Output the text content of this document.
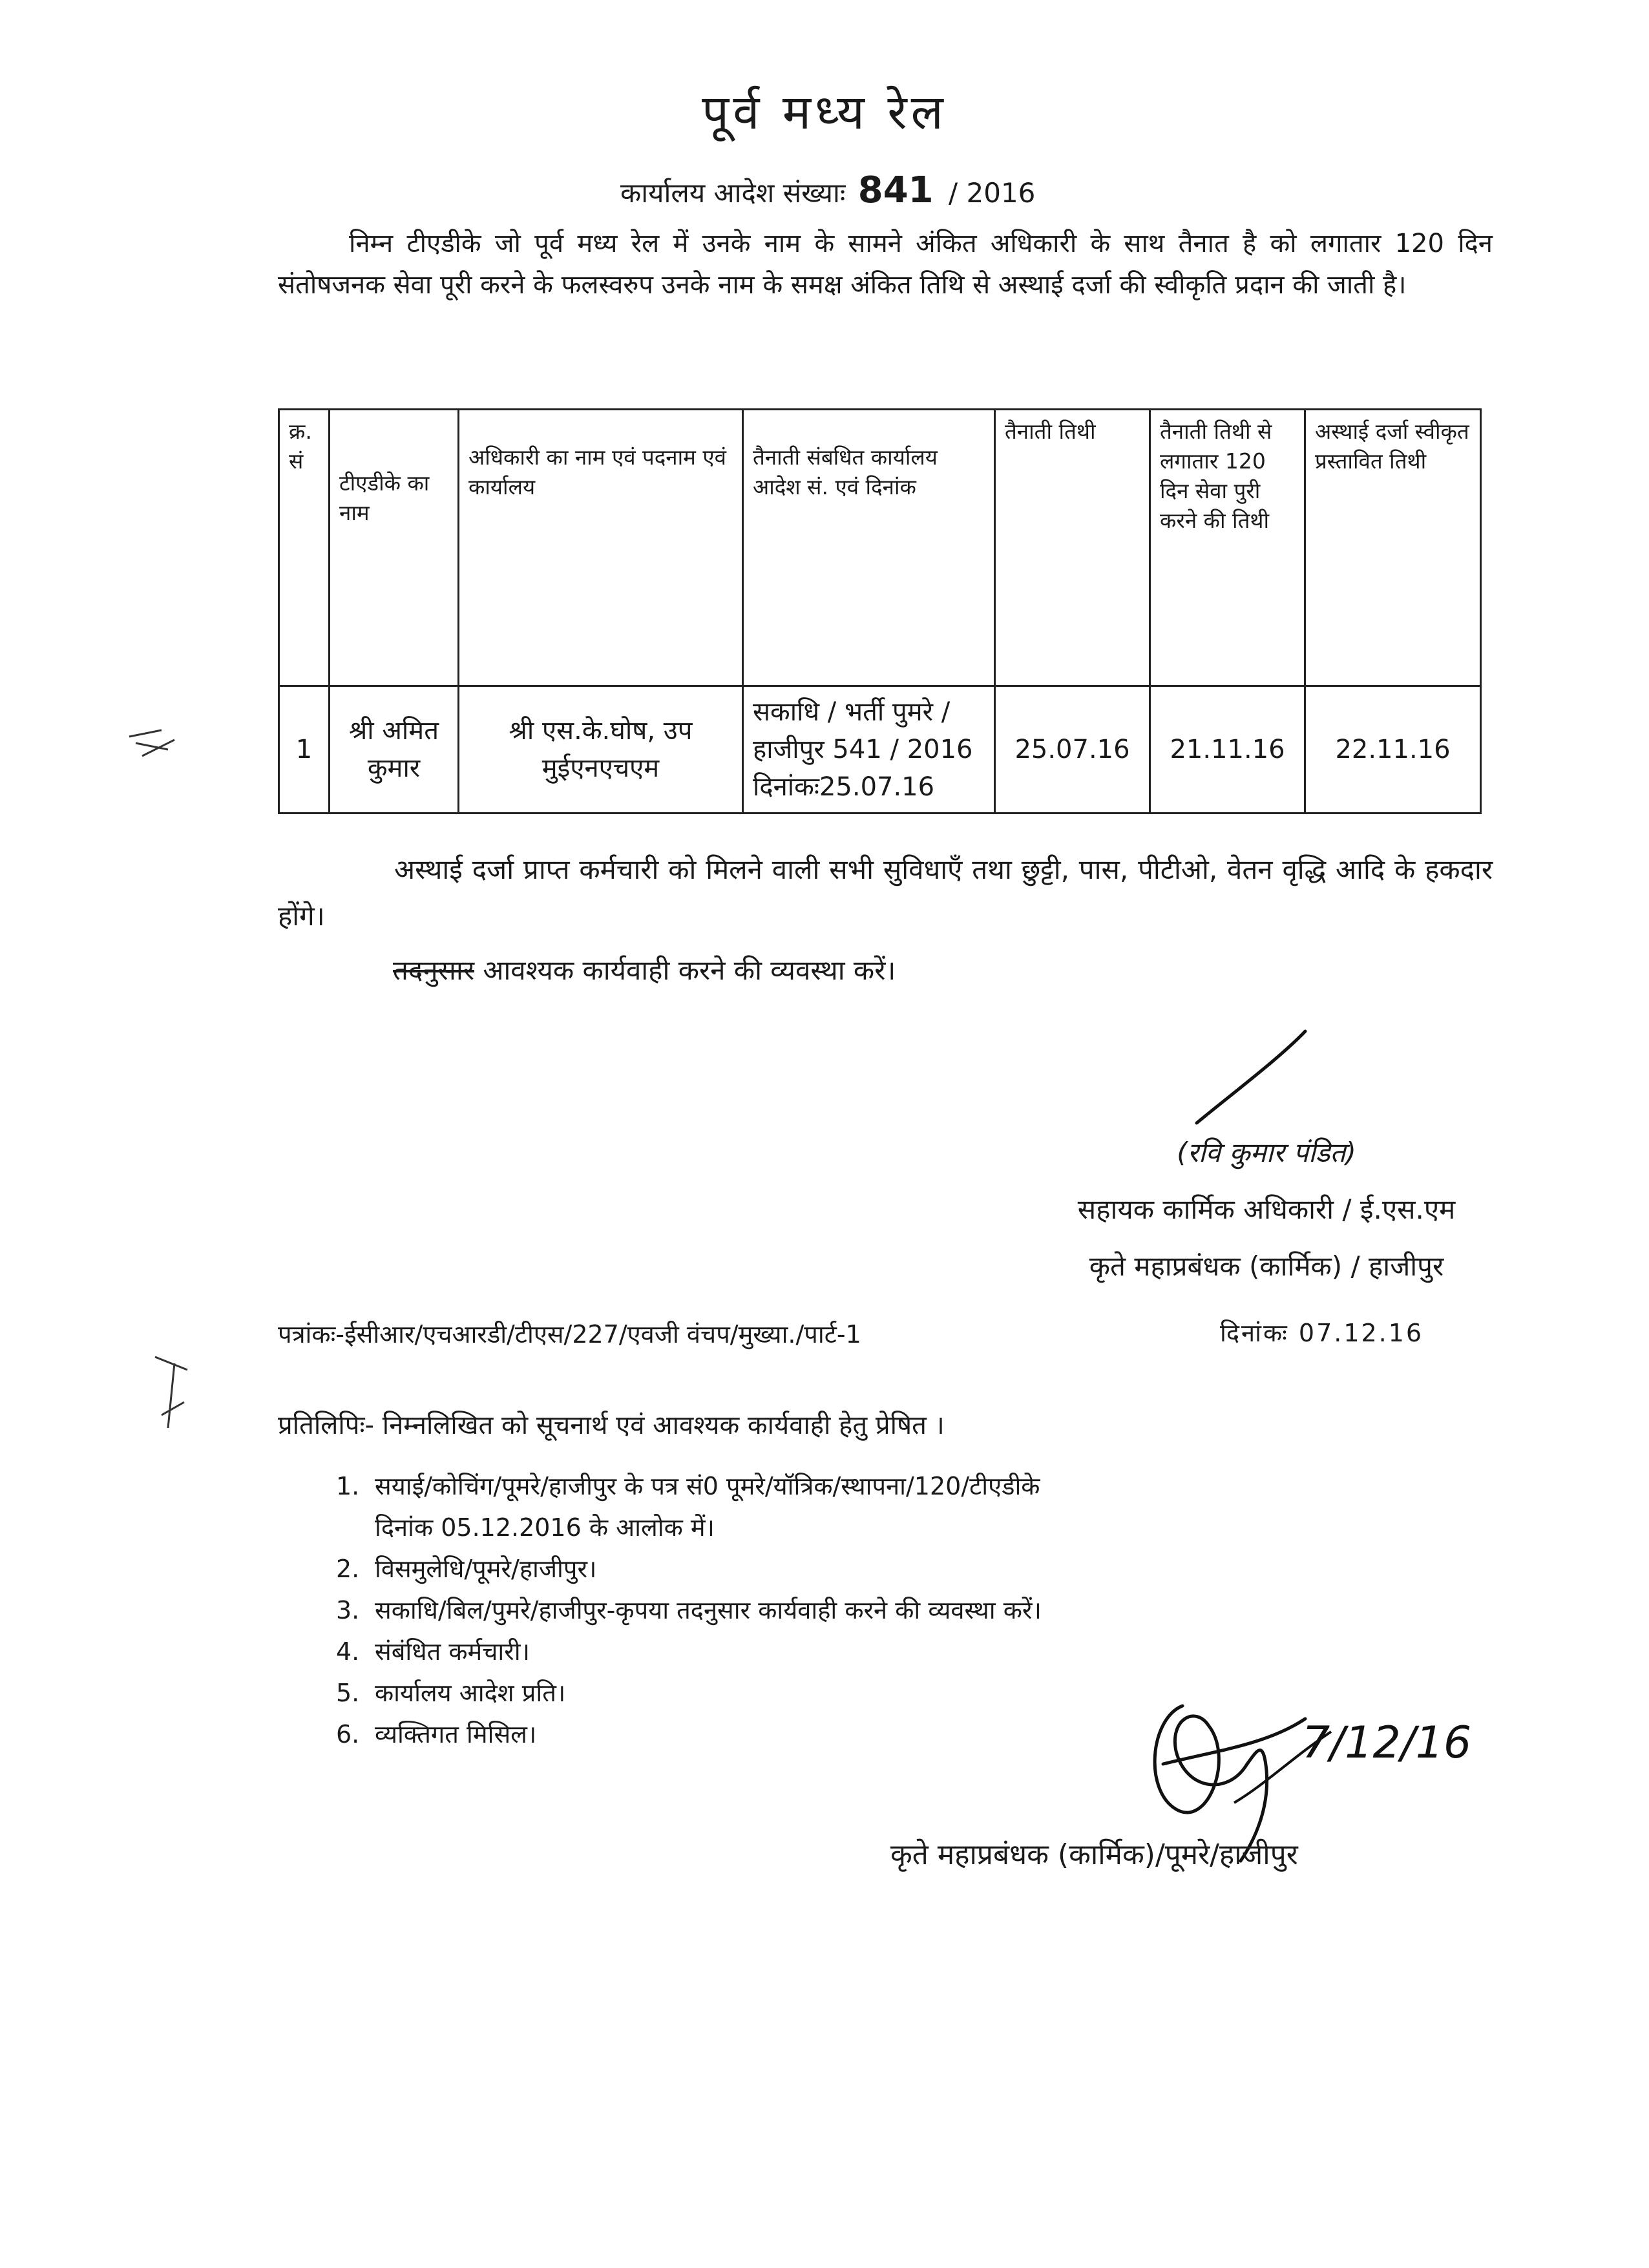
पूर्व मध्य रेल
कार्यालय आदेश संख्याः 841 / 2016
निम्न टीएडीके जो पूर्व मध्य रेल में उनके नाम के सामने अंकित अधिकारी के साथ तैनात है को लगातार 120 दिन संतोषजनक सेवा पूरी करने के फलस्वरुप उनके नाम के समक्ष अंकित तिथि से अस्थाई दर्जा की स्वीकृति प्रदान की जाती है।
क्र. सं	टीएडीके का नाम	अधिकारी का नाम एवं पदनाम एवं कार्यालय	तैनाती संबधित कार्यालय आदेश सं. एवं दिनांक	तैनाती तिथी	तैनाती तिथी से लगातार 120 दिन सेवा पुरी करने की तिथी	अस्थाई दर्जा स्वीकृत प्रस्तावित तिथी
1	श्री अमित कुमार	श्री एस.के.घोष, उप मुईएनएचएम	सकाधि / भर्ती पुमरे / हाजीपुर 541 / 2016 दिनांकः25.07.16	25.07.16	21.11.16	22.11.16
अस्थाई दर्जा प्राप्त कर्मचारी को मिलने वाली सभी सुविधाएँ तथा छुट्टी, पास, पीटीओ, वेतन वृद्धि आदि के हकदार होंगे।
तदनुसार आवश्यक कार्यवाही करने की व्यवस्था करें।
(रवि कुमार पंडित)
सहायक कार्मिक अधिकारी / ई.एस.एम
कृते महाप्रबंधक (कार्मिक) / हाजीपुर
पत्रांकः-ईसीआर/एचआरडी/टीएस/227/एवजी वंचप/मुख्या./पार्ट-1	दिनांकः 07.12.16
प्रतिलिपिः- निम्नलिखित को सूचनार्थ एवं आवश्यक कार्यवाही हेतु प्रेषित ।
1. सयाई/कोचिंग/पूमरे/हाजीपुर के पत्र सं0 पूमरे/यॉत्रिक/स्थापना/120/टीएडीके
दिनांक 05.12.2016 के आलोक में।
2. विसमुलेधि/पूमरे/हाजीपुर।
3. सकाधि/बिल/पुमरे/हाजीपुर-कृपया तदनुसार कार्यवाही करने की व्यवस्था करें।
4. संबंधित कर्मचारी।
5. कार्यालय आदेश प्रति।
6. व्यक्तिगत मिसिल।	7/12/16
कृते महाप्रबंधक (कार्मिक)/पूमरे/हाजीपुर
